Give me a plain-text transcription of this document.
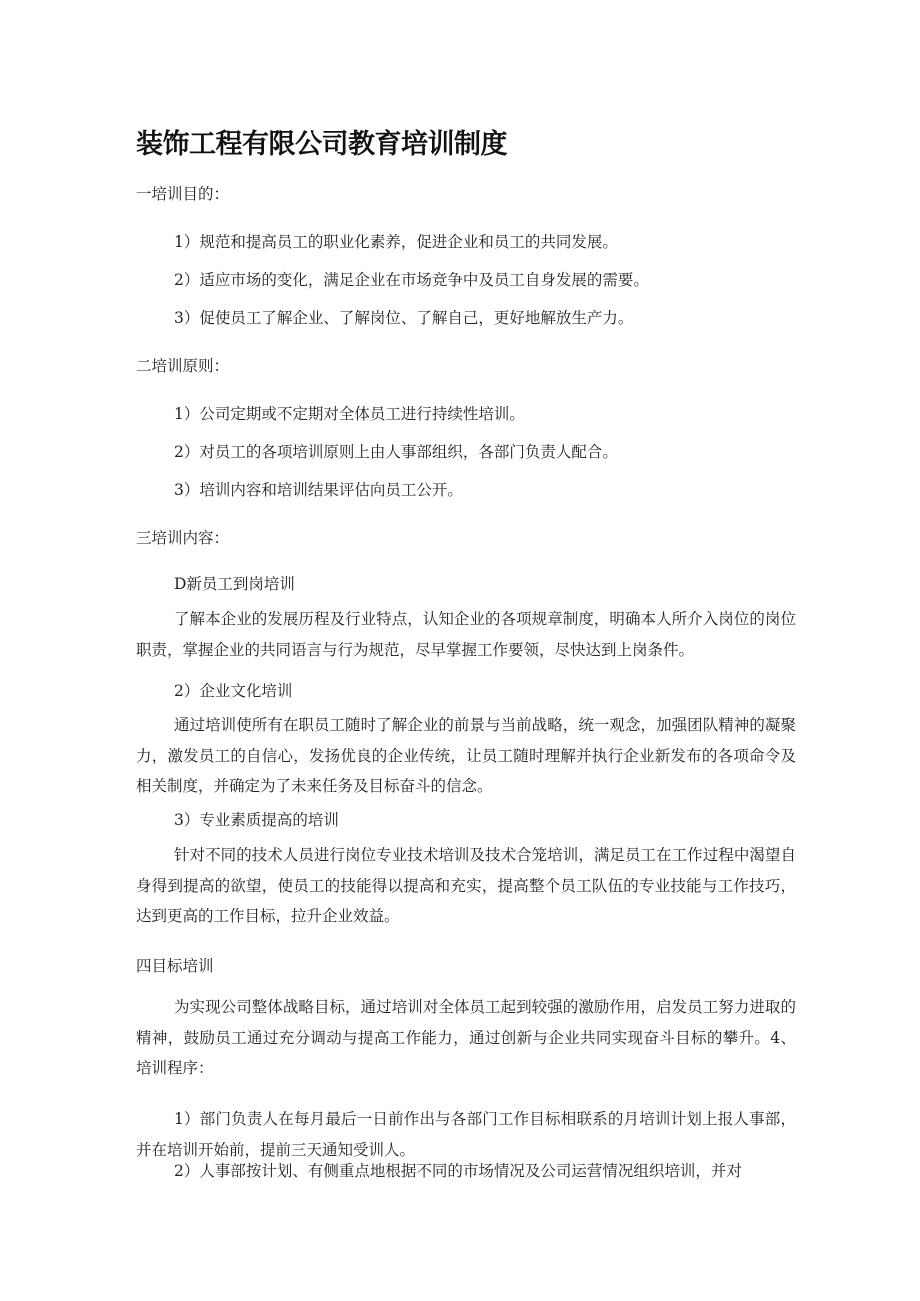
装饰工程有限公司教育培训制度
一培训目的：
1）规范和提高员工的职业化素养，促进企业和员工的共同发展。
2）适应市场的变化，满足企业在市场竞争中及员工自身发展的需要。
3）促使员工了解企业、了解岗位、了解自己，更好地解放生产力。
二培训原则：
1）公司定期或不定期对全体员工进行持续性培训。
2）对员工的各项培训原则上由人事部组织，各部门负责人配合。
3）培训内容和培训结果评估向员工公开。
三培训内容：
D新员工到岗培训

了解本企业的发展历程及行业特点，认知企业的各项规章制度，明确本人所介入岗位的岗位职责，掌握企业的共同语言与行为规范，尽早掌握工作要领，尽快达到上岗条件。

2）企业文化培训

通过培训使所有在职员工随时了解企业的前景与当前战略，统一观念，加强团队精神的凝聚力，激发员工的自信心，发扬优良的企业传统，让员工随时理解并执行企业新发布的各项命令及相关制度，并确定为了未来任务及目标奋斗的信念。

3）专业素质提高的培训

针对不同的技术人员进行岗位专业技术培训及技术合笼培训，满足员工在工作过程中渴望自身得到提高的欲望，使员工的技能得以提高和充实，提高整个员工队伍的专业技能与工作技巧，达到更高的工作目标，拉升企业效益。

四目标培训

为实现公司整体战略目标，通过培训对全体员工起到较强的激励作用，启发员工努力进取的精神，鼓励员工通过充分调动与提高工作能力，通过创新与企业共同实现奋斗目标的攀升。4、培训程序：

1）部门负责人在每月最后一日前作出与各部门工作目标相联系的月培训计划上报人事部，并在培训开始前，提前三天通知受训人。

2）人事部按计划、有侧重点地根据不同的市场情况及公司运营情况组织培训，并对
